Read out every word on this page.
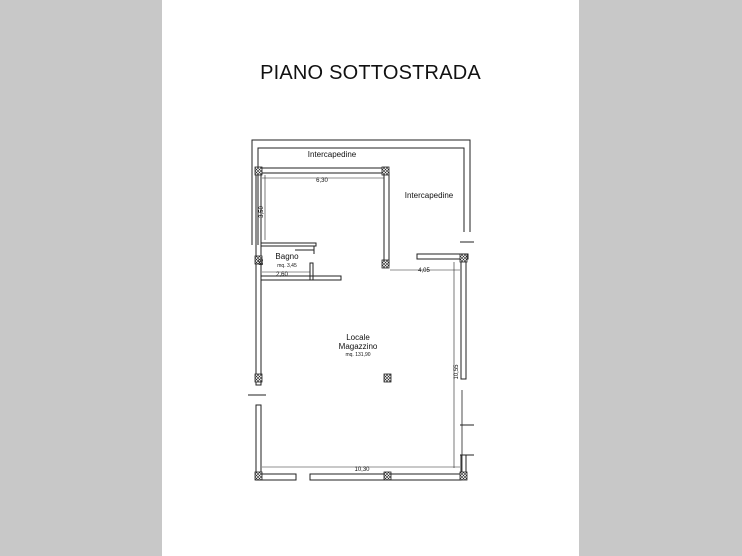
PIANO SOTTOSTRADA
6,30
3,50
85
2,60
4,05
10,55
10,30
Intercapedine
Intercapedine
Bagno
mq. 3,45
Locale
Magazzino
mq. 131,90
